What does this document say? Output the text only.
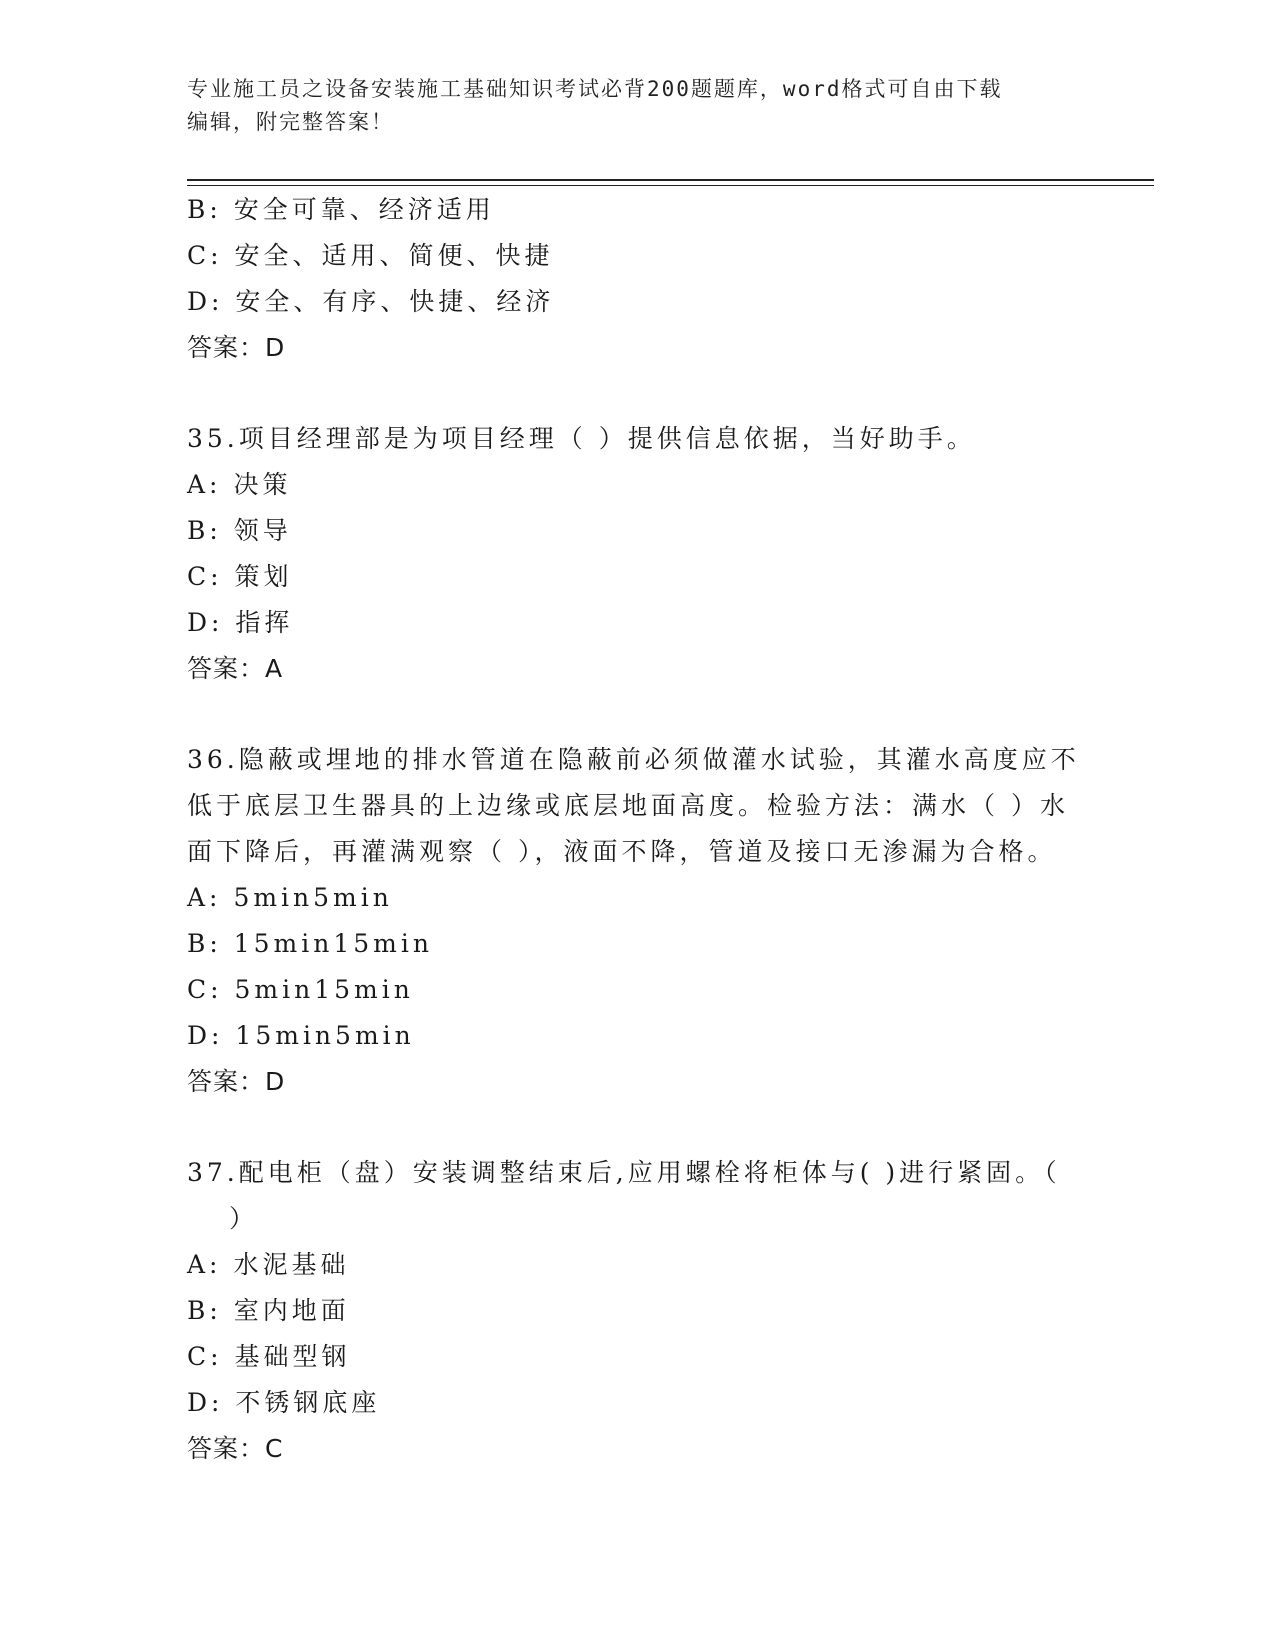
专业施工员之设备安装施工基础知识考试必背200题题库，word格式可自由下载
编辑，附完整答案！
B: 安全可靠、经济适用
C: 安全、适用、简便、快捷
D: 安全、有序、快捷、经济
答案：D
35.项目经理部是为项目经理（ ）提供信息依据，当好助手。
A: 决策
B: 领导
C: 策划
D: 指挥
答案：A
36.隐蔽或埋地的排水管道在隐蔽前必须做灌水试验，其灌水高度应不
低于底层卫生器具的上边缘或底层地面高度。检验方法：满水（ ）水
面下降后，再灌满观察（ ），液面不降，管道及接口无渗漏为合格。
A: 5min5min
B: 15min15min
C: 5min15min
D: 15min5min
答案：D
37.配电柜（盘）安装调整结束后,应用螺栓将柜体与( )进行紧固。（
）
A: 水泥基础
B: 室内地面
C: 基础型钢
D: 不锈钢底座
答案：C
